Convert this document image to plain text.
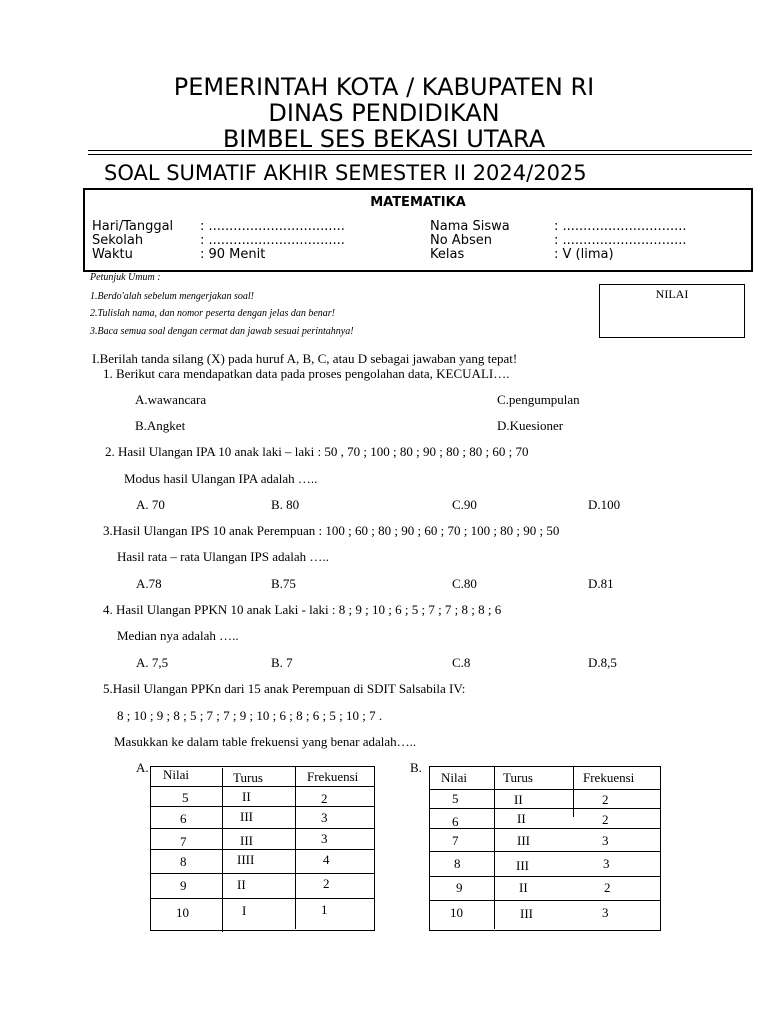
PEMERINTAH KOTA / KABUPATEN RI
DINAS PENDIDIKAN
BIMBEL SES BEKASI UTARA
SOAL SUMATIF AKHIR SEMESTER II 2024/2025
MATEMATIKA
Hari/Tanggal : .................................
Sekolah	: .................................
Waktu	: 90 Menit
Nama Siswa	: ..............................
No Absen	: ..............................
Kelas	: V (lima)
Petunjuk Umum :
1.Berdo'alah sebelum mengerjakan soal!
2.Tulislah nama, dan nomor peserta dengan jelas dan benar!
3.Baca semua soal dengan cermat dan jawab sesuai perintahnya!
NILAI
I.Berilah tanda silang (X) pada huruf A, B, C, atau D sebagai jawaban yang tepat!
1. Berikut cara mendapatkan data pada proses pengolahan data, KECUALI….
A.wawancara	C.pengumpulan
B.Angket	D.Kuesioner
2. Hasil Ulangan IPA 10 anak laki – laki : 50 , 70 ; 100 ; 80 ; 90 ; 80 ; 80 ; 60 ; 70
Modus hasil Ulangan IPA adalah …..
A. 70	B. 80	C.90	D.100
3.Hasil Ulangan IPS 10 anak Perempuan : 100 ; 60 ; 80 ; 90 ; 60 ; 70 ; 100 ; 80 ; 90 ; 50
Hasil rata – rata Ulangan IPS adalah …..
A.78	B.75	C.80	D.81
4. Hasil Ulangan PPKN 10 anak Laki - laki : 8 ; 9 ; 10 ; 6 ; 5 ; 7 ; 7 ; 8 ; 8 ; 6
Median nya adalah …..
A. 7,5	B. 7	C.8	D.8,5
5.Hasil Ulangan PPKn dari 15 anak Perempuan di SDIT Salsabila IV:
8 ; 10 ; 9 ; 8 ; 5 ; 7 ; 7 ; 9 ; 10 ; 6 ; 8 ; 6 ; 5 ; 10 ; 7 .
Masukkan ke dalam table frekuensi yang benar adalah…..
A. Nilai	Turus	Frekuensi
5	II	2
6	III	3
7	III	3
8	IIII	4
9	II	2
10	I	1
B.
Nilai	Turus	Frekuensi
5	II	2
6	II	2
7	III	3
8	III	3
9	II	2
10	III	3
